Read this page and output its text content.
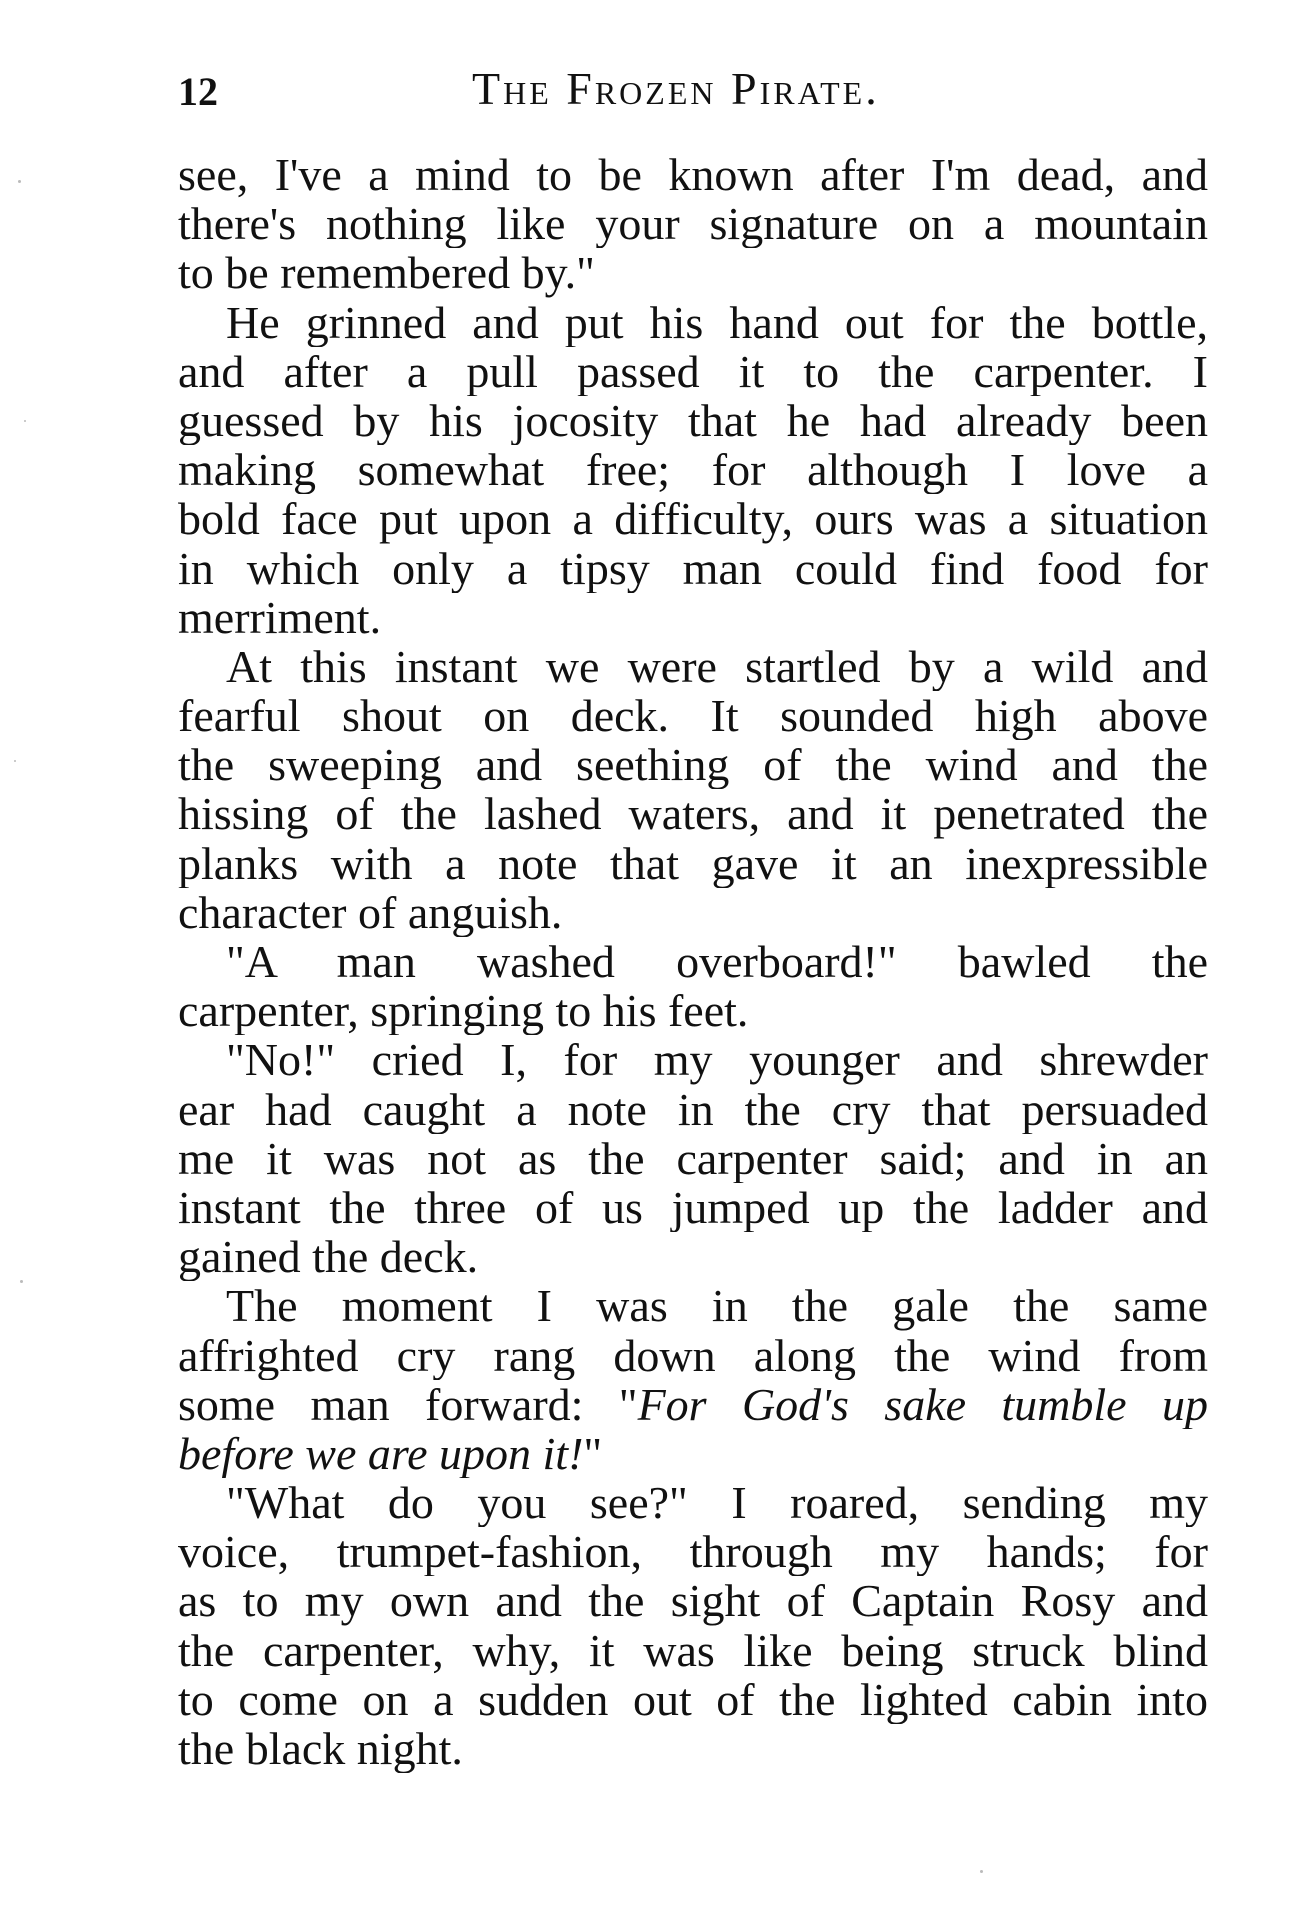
12	The Frozen Pirate.
see, I've a mind to be known after I'm dead, and
there's nothing like your signature on a mountain
to be remembered by."
He grinned and put his hand out for the bottle,
and after a pull passed it to the carpenter. I
guessed by his jocosity that he had already been
making somewhat free; for although I love a
bold face put upon a difficulty, ours was a situation
in which only a tipsy man could find food for
merriment.
At this instant we were startled by a wild and
fearful shout on deck. It sounded high above
the sweeping and seething of the wind and the
hissing of the lashed waters, and it penetrated the
planks with a note that gave it an inexpressible
character of anguish.
"A man washed overboard!" bawled the
carpenter, springing to his feet.
"No!" cried I, for my younger and shrewder
ear had caught a note in the cry that persuaded
me it was not as the carpenter said; and in an
instant the three of us jumped up the ladder and
gained the deck.
The moment I was in the gale the same
affrighted cry rang down along the wind from
some man forward: "For God's sake tumble up
before we are upon it!"
"What do you see?" I roared, sending my
voice, trumpet-fashion, through my hands; for
as to my own and the sight of Captain Rosy and
the carpenter, why, it was like being struck blind
to come on a sudden out of the lighted cabin into
the black night.
